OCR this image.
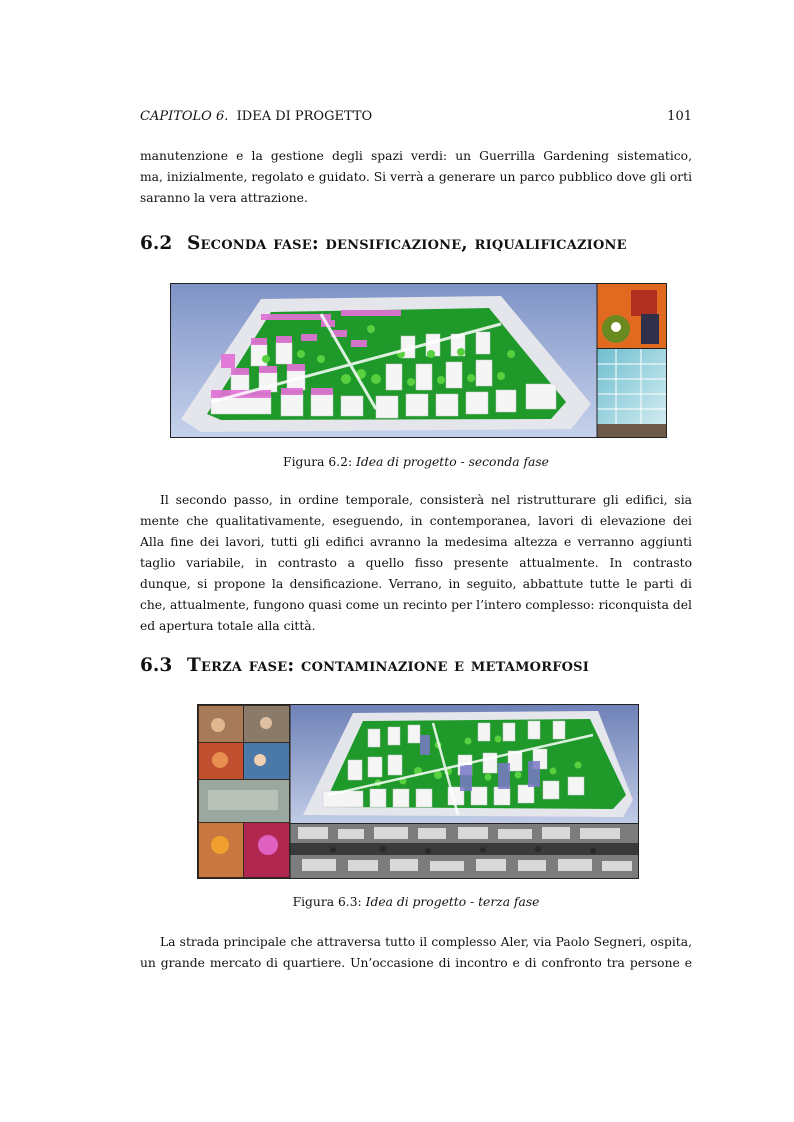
CAPITOLO 6. IDEA DI PROGETTO	101
manutenzione e la gestione degli spazi verdi: un Guerrilla Gardening sistematico,
ma, inizialmente, regolato e guidato. Si verrà a generare un parco pubblico dove gli orti
saranno la vera attrazione.
6.2 Seconda fase: densificazione, riqualificazione
Figura 6.2: Idea di progetto - seconda fase
Il secondo passo, in ordine temporale, consisterà nel ristrutturare gli edifici, sia
mente che qualitativamente, eseguendo, in contemporanea, lavori di elevazione dei
Alla fine dei lavori, tutti gli edifici avranno la medesima altezza e verranno aggiunti
taglio variabile, in contrasto a quello fisso presente attualmente. In contrasto
dunque, si propone la densificazione. Verrano, in seguito, abbattute tutte le parti di
che, attualmente, fungono quasi come un recinto per l’intero complesso: riconquista del
ed apertura totale alla città.
6.3 Terza fase: contaminazione e metamorfosi
Figura 6.3: Idea di progetto - terza fase
La strada principale che attraversa tutto il complesso Aler, via Paolo Segneri, ospita,
un grande mercato di quartiere. Un’occasione di incontro e di confronto tra persone e
